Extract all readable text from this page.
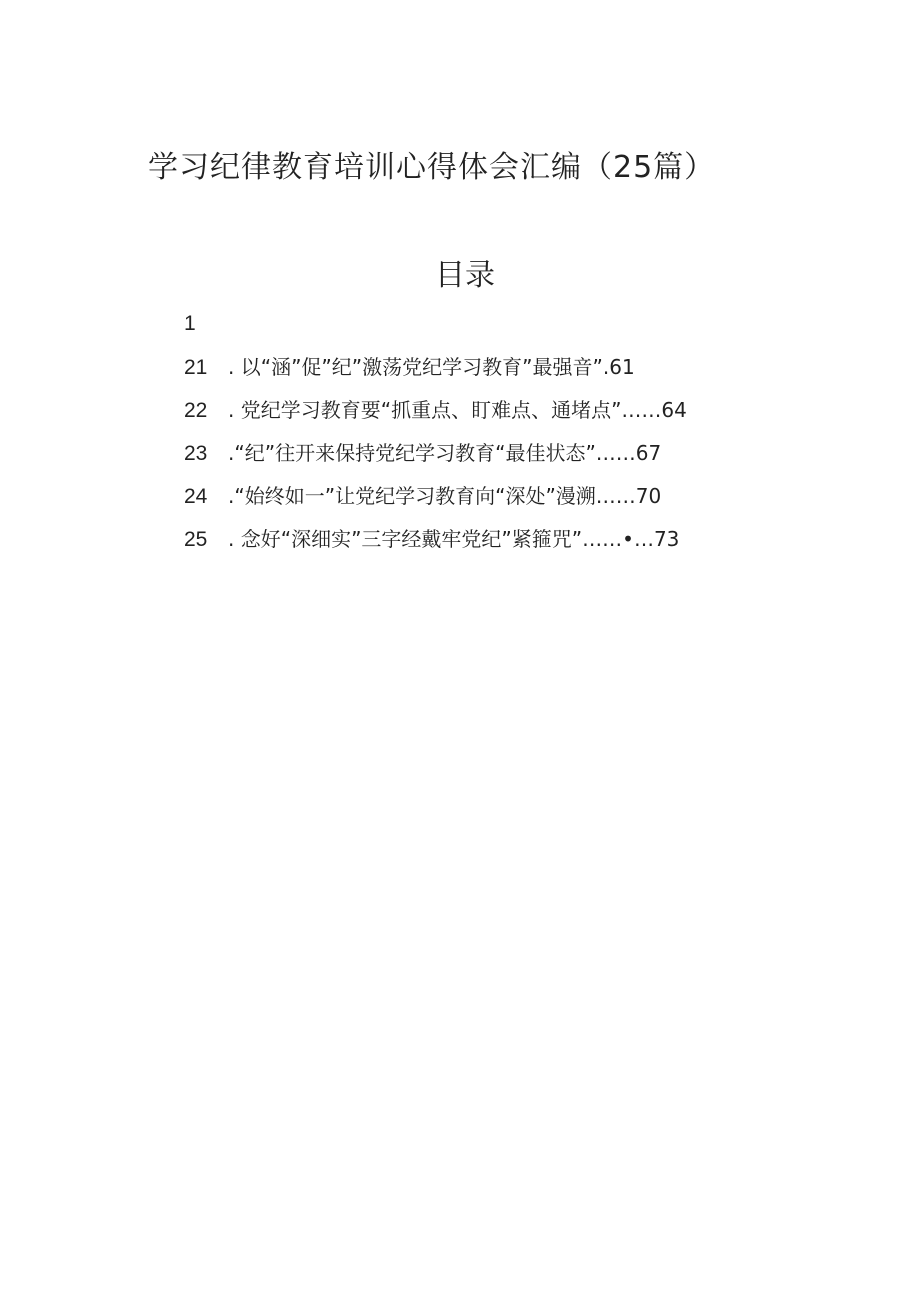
学习纪律教育培训心得体会汇编（25篇）
目录
1
21	. 以“涵”促”纪”激荡党纪学习教育”最强音”.61
22	. 党纪学习教育要“抓重点、盯难点、通堵点”……64
23	.“纪”往开来保持党纪学习教育“最佳状态”……67
24	.“始终如一”让党纪学习教育向“深处”漫溯……70
25	. 念好“深细实”三字经戴牢党纪”紧箍咒”……•…73
